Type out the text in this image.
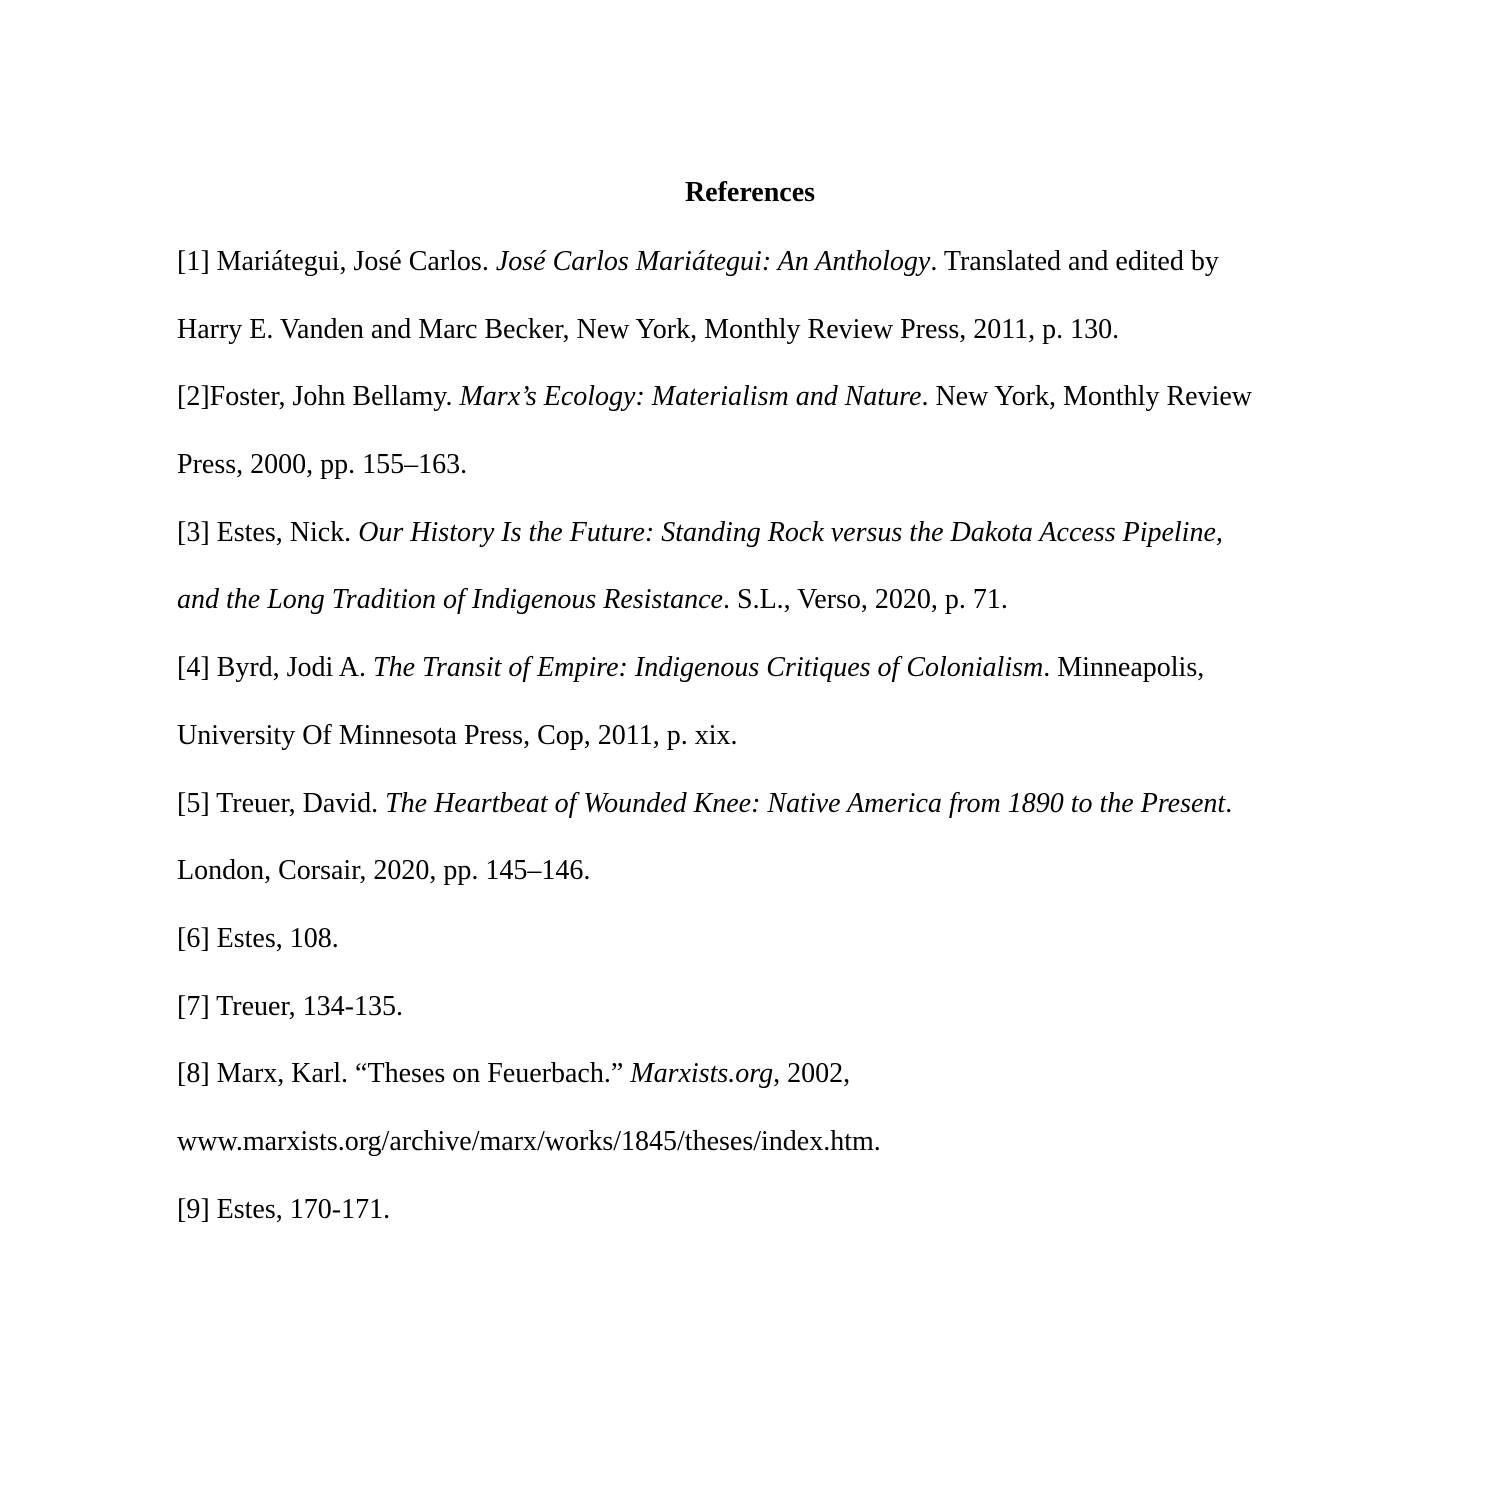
References
[1] Mariátegui, José Carlos. José Carlos Mariátegui: An Anthology. Translated and edited by
Harry E. Vanden and Marc Becker, New York, Monthly Review Press, 2011, p. 130.
[2]Foster, John Bellamy. Marx’s Ecology: Materialism and Nature. New York, Monthly Review
Press, 2000, pp. 155–163.
[3] Estes, Nick. Our History Is the Future: Standing Rock versus the Dakota Access Pipeline,
and the Long Tradition of Indigenous Resistance. S.L., Verso, 2020, p. 71.
[4] Byrd, Jodi A. The Transit of Empire: Indigenous Critiques of Colonialism. Minneapolis,
University Of Minnesota Press, Cop, 2011, p. xix.
[5] Treuer, David. The Heartbeat of Wounded Knee: Native America from 1890 to the Present.
London, Corsair, 2020, pp. 145–146.
[6] Estes, 108.
[7] Treuer, 134-135.
[8] Marx, Karl. “Theses on Feuerbach.” Marxists.org, 2002,
www.marxists.org/archive/marx/works/1845/theses/index.htm.
[9] Estes, 170-171.
